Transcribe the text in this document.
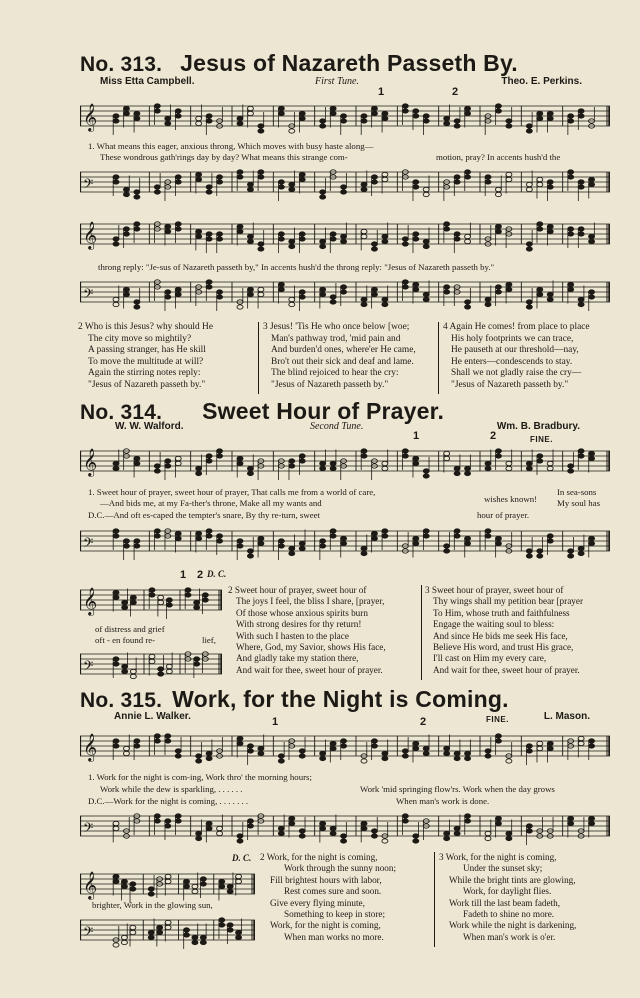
No. 313. Jesus of Nazareth Passeth By.
Miss Etta Campbell.	First Tune.	Theo. E. Perkins.
1	2
𝄞
1. What means this eager, anxious throng, Which moves with busy haste along—
These wondrous gath'rings day by day? What means this strange com-	motion, pray? In accents hush'd the
𝄢
𝄞
throng reply: "Je-sus of Nazareth passeth by," In accents hush'd the throng reply: "Jesus of Nazareth passeth by."
𝄢
2 Who is this Jesus? why should He
The city move so mightily?
A passing stranger, has He skill
To move the multitude at will?
Again the stirring notes reply:
"Jesus of Nazareth passeth by."
3 Jesus! 'Tis He who once below [woe;
Man's pathway trod, 'mid pain and
And burden'd ones, where'er He came,
Bro't out their sick and deaf and lame.
The blind rejoiced to hear the cry:
"Jesus of Nazareth passeth by."
4 Again He comes! from place to place
His holy footprints we can trace,
He pauseth at our threshold—nay,
He enters—condescends to stay.
Shall we not gladly raise the cry—
"Jesus of Nazareth passeth by."
No. 314. Sweet Hour of Prayer.
W. W. Walford.	Second Tune.	Wm. B. Bradbury.
1	2	FINE.
𝄞
1. Sweet hour of prayer, sweet hour of prayer, That calls me from a world of care,
wishes known!
In sea-sons
—And bids me, at my Fa-ther's throne, Make all my wants and	My soul has
D.C.—And oft es-caped the tempter's snare, By thy re-turn, sweet	hour of prayer.
𝄢
D. C.
1 2
𝄞
of distress and grief
oft - en found re-	lief,
𝄢
2 Sweet hour of prayer, sweet hour of
The joys I feel, the bliss I share, [prayer,
Of those whose anxious spirits burn
With strong desires for thy return!
With such I hasten to the place
Where, God, my Savior, shows His face,
And gladly take my station there,
And wait for thee, sweet hour of prayer.
3 Sweet hour of prayer, sweet hour of
Thy wings shall my petition bear [prayer
To Him, whose truth and faithfulness
Engage the waiting soul to bless:
And since He bids me seek His face,
Believe His word, and trust His grace,
I'll cast on Him my every care,
And wait for thee, sweet hour of prayer.
No. 315. Work, for the Night is Coming.
Annie L. Walker.	L. Mason.
FINE.
1	2
𝄞
1. Work for the night is com-ing, Work thro' the morning hours;
Work while the dew is sparkling, . . . . . .	Work 'mid springing flow'rs. Work when the day grows
D.C.—Work for the night is coming, . . . . . . .	When man's work is done.
𝄢
D. C.
𝄞
brighter, Work in the glowing sun,
𝄢
2 Work, for the night is coming,
Work through the sunny noon;
Fill brightest hours with labor,
Rest comes sure and soon.
Give every flying minute,
Something to keep in store;
Work, for the night is coming,
When man works no more.
3 Work, for the night is coming,
Under the sunset sky;
While the bright tints are glowing,
Work, for daylight flies.
Work till the last beam fadeth,
Fadeth to shine no more.
Work while the night is darkening,
When man's work is o'er.
